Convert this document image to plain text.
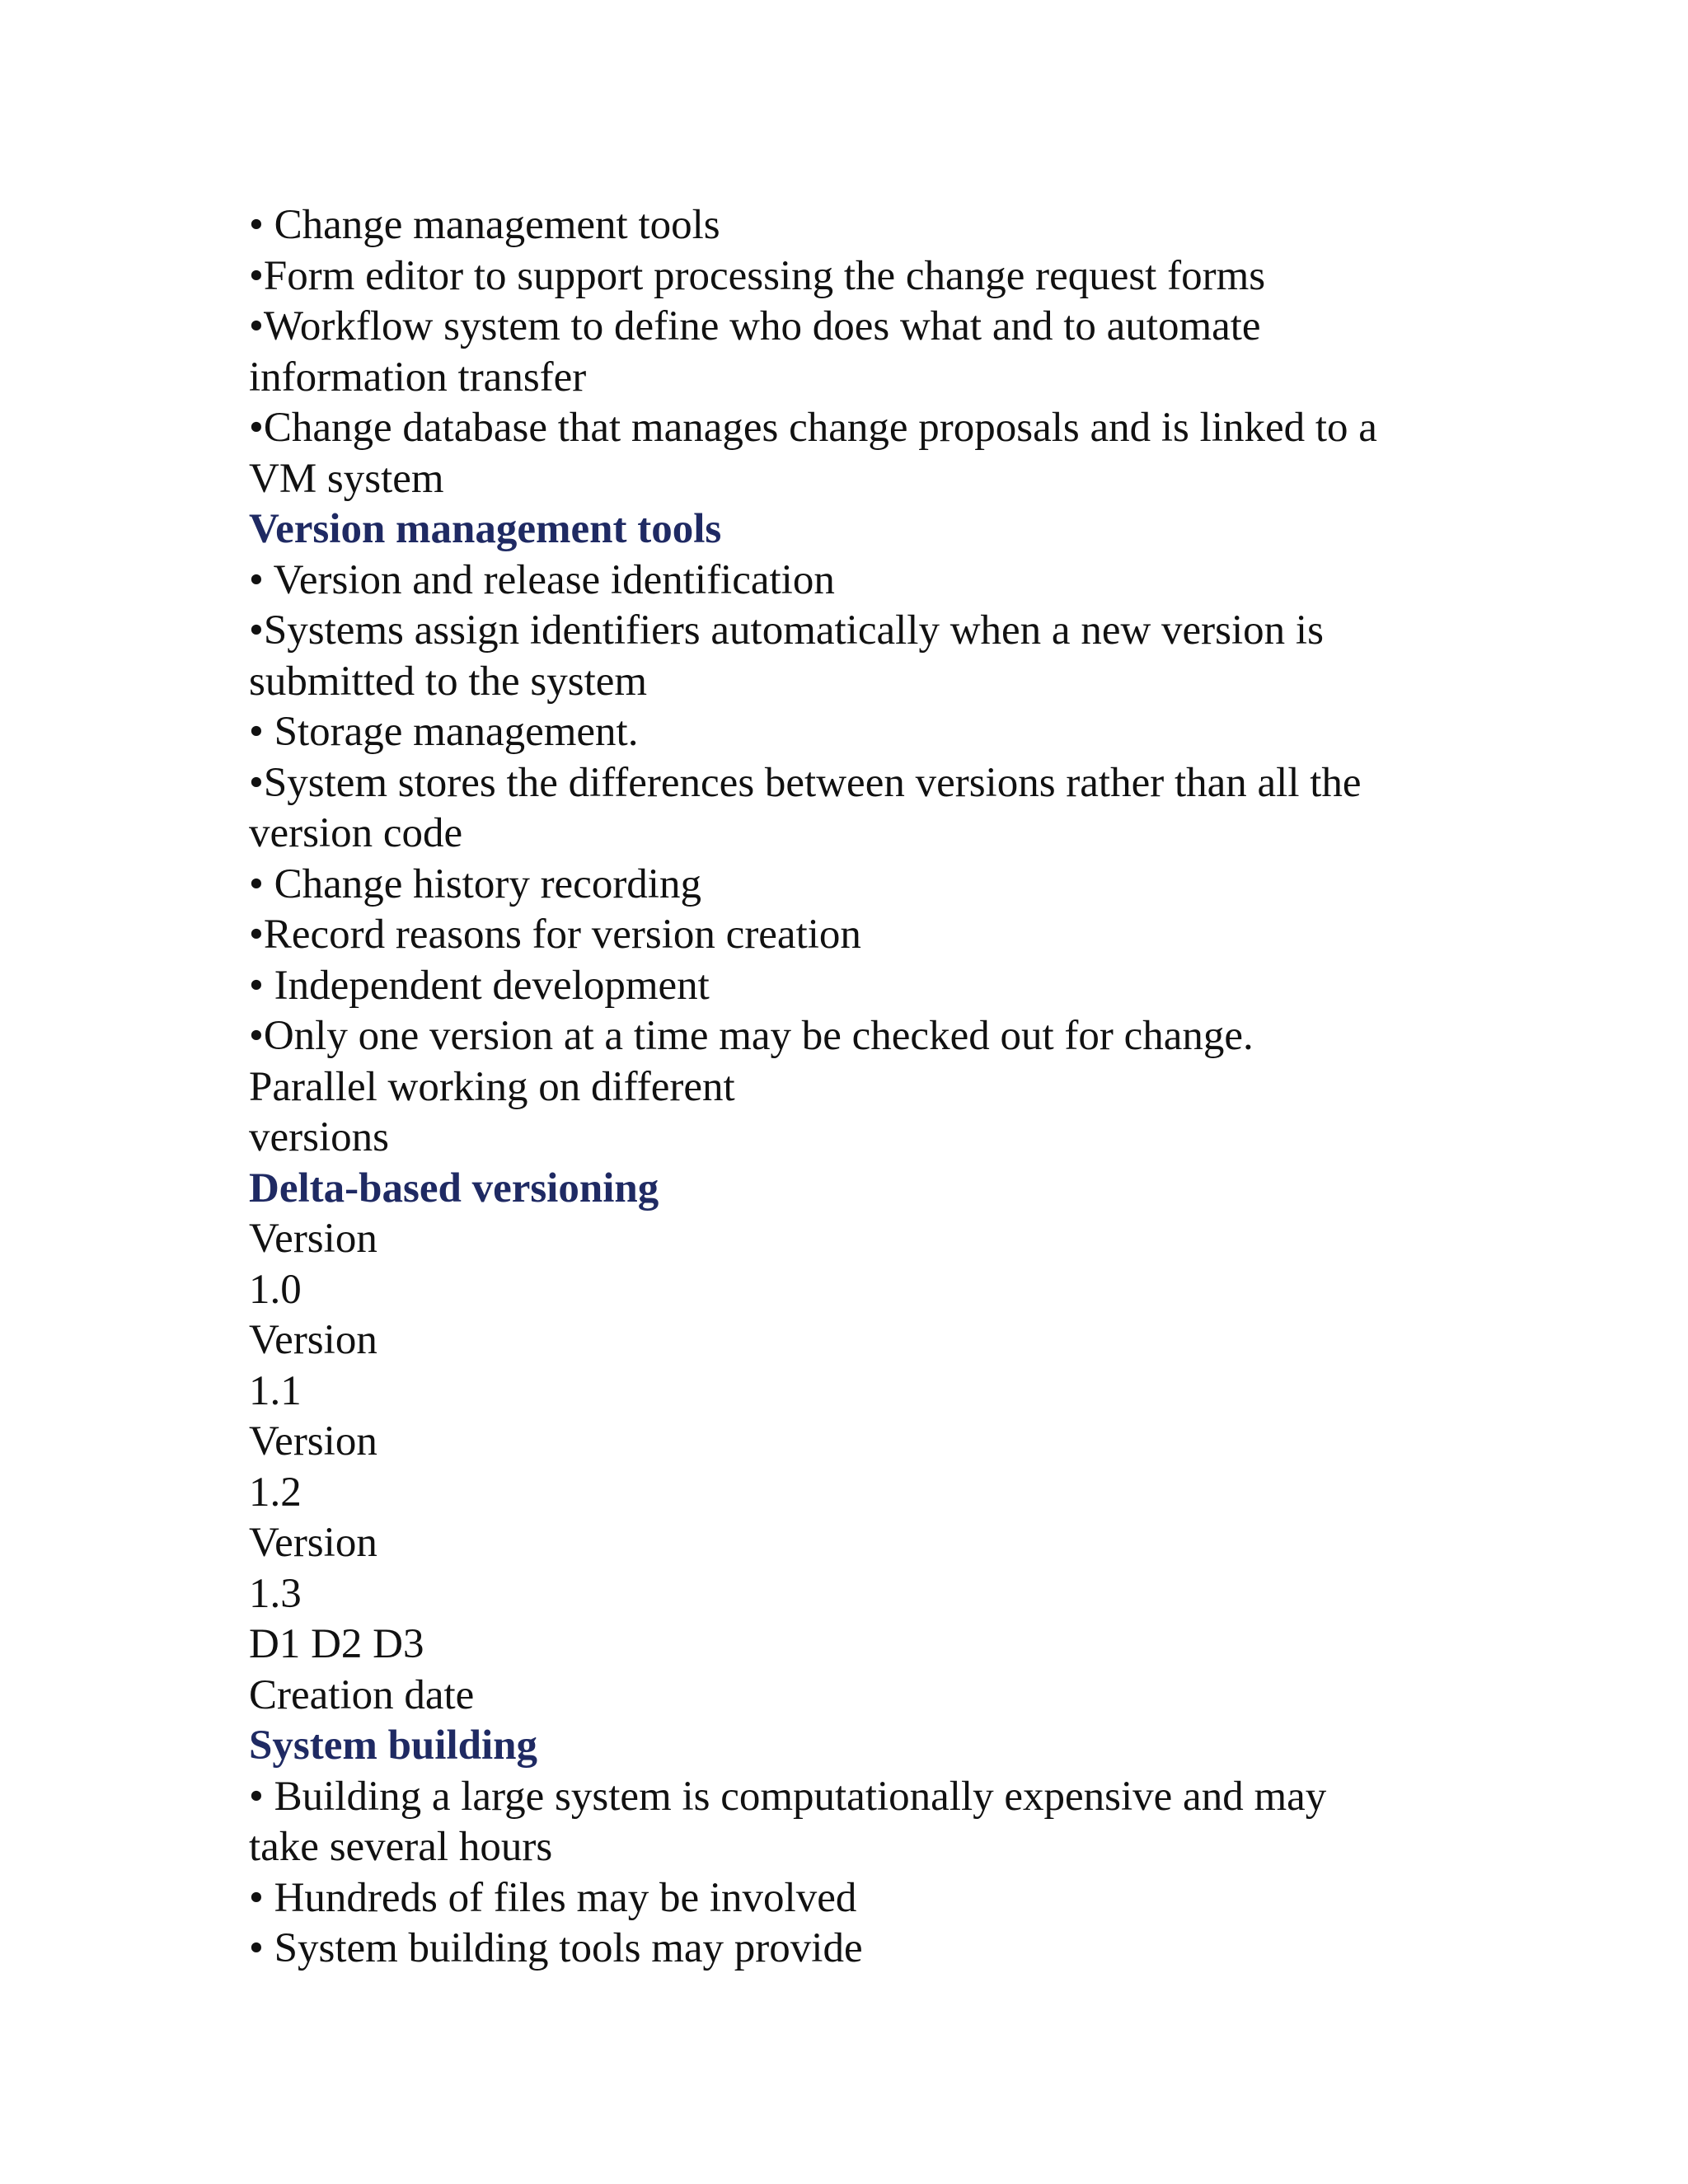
• Change management tools
•Form editor to support processing the change request forms
•Workflow system to define who does what and to automate
information transfer
•Change database that manages change proposals and is linked to a
VM system
Version management tools
• Version and release identification
•Systems assign identifiers automatically when a new version is
submitted to the system
• Storage management.
•System stores the differences between versions rather than all the
version code
• Change history recording
•Record reasons for version creation
• Independent development
•Only one version at a time may be checked out for change.
Parallel working on different
versions
Delta-based versioning
Version
1.0
Version
1.1
Version
1.2
Version
1.3
D1 D2 D3
Creation date
System building
• Building a large system is computationally expensive and may
take several hours
• Hundreds of files may be involved
• System building tools may provide
